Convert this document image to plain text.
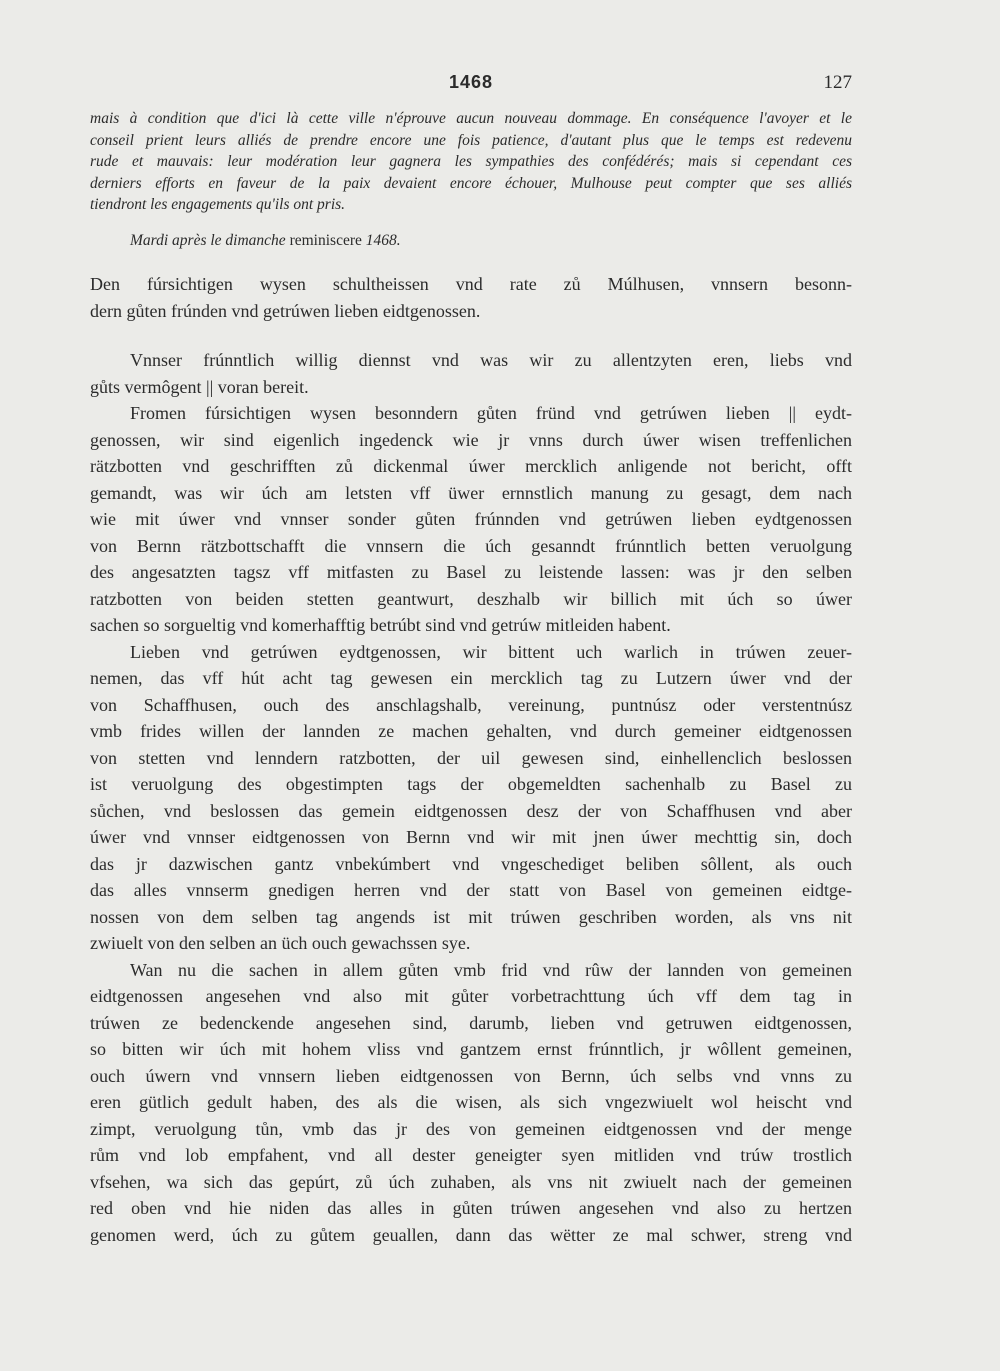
1468	127
mais à condition que d'ici là cette ville n'éprouve aucun nouveau dommage. En conséquence l'avoyer et le
conseil prient leurs alliés de prendre encore une fois patience, d'autant plus que le temps est redevenu
rude et mauvais: leur modération leur gagnera les sympathies des confédérés; mais si cependant ces
derniers efforts en faveur de la paix devaient encore échouer, Mulhouse peut compter que ses alliés
tiendront les engagements qu'ils ont pris.
Mardi après le dimanche reminiscere 1468.
Den fúrsichtigen wysen schultheissen vnd rate zů Múlhusen, vnnsern besonn-
dern gůten frúnden vnd getrúwen lieben eidtgenossen.
Vnnser frúnntlich willig diennst vnd was wir zu allentzyten eren, liebs vnd
gůts vermôgent || voran bereit.
Fromen fúrsichtigen wysen besonndern gůten fründ vnd getrúwen lieben || eydt-
genossen, wir sind eigenlich ingedenck wie jr vnns durch úwer wisen treffenlichen
rätzbotten vnd geschrifften zů dickenmal úwer mercklich anligende not bericht, offt
gemandt, was wir úch am letsten vff üwer ernnstlich manung zu gesagt, dem nach
wie mit úwer vnd vnnser sonder gůten frúnnden vnd getrúwen lieben eydtgenossen
von Bernn rätzbottschafft die vnnsern die úch gesanndt frúnntlich betten veruolgung
des angesatzten tagsz vff mitfasten zu Basel zu leistende lassen: was jr den selben
ratzbotten von beiden stetten geantwurt, deszhalb wir billich mit úch so úwer
sachen so sorgueltig vnd komerhafftig betrúbt sind vnd getrúw mitleiden habent.
Lieben vnd getrúwen eydtgenossen, wir bittent uch warlich in trúwen zeuer-
nemen, das vff hút acht tag gewesen ein mercklich tag zu Lutzern úwer vnd der
von Schaffhusen, ouch des anschlagshalb, vereinung, puntnúsz oder verstentnúsz
vmb frides willen der lannden ze machen gehalten, vnd durch gemeiner eidtgenossen
von stetten vnd lenndern ratzbotten, der uil gewesen sind, einhellenclich beslossen
ist veruolgung des obgestimpten tags der obgemeldten sachenhalb zu Basel zu
sůchen, vnd beslossen das gemein eidtgenossen desz der von Schaffhusen vnd aber
úwer vnd vnnser eidtgenossen von Bernn vnd wir mit jnen úwer mechttig sin, doch
das jr dazwischen gantz vnbekúmbert vnd vngeschediget beliben sôllent, als ouch
das alles vnnserm gnedigen herren vnd der statt von Basel von gemeinen eidtge-
nossen von dem selben tag angends ist mit trúwen geschriben worden, als vns nit
zwiuelt von den selben an üch ouch gewachssen sye.
Wan nu die sachen in allem gůten vmb frid vnd rûw der lannden von gemeinen
eidtgenossen angesehen vnd also mit gůter vorbetrachttung úch vff dem tag in
trúwen ze bedenckende angesehen sind, darumb, lieben vnd getruwen eidtgenossen,
so bitten wir úch mit hohem vliss vnd gantzem ernst frúnntlich, jr wôllent gemeinen,
ouch úwern vnd vnnsern lieben eidtgenossen von Bernn, úch selbs vnd vnns zu
eren gütlich gedult haben, des als die wisen, als sich vngezwiuelt wol heischt vnd
zimpt, veruolgung tůn, vmb das jr des von gemeinen eidtgenossen vnd der menge
rům vnd lob empfahent, vnd all dester geneigter syen mitliden vnd trúw trostlich
vfsehen, wa sich das gepúrt, zů úch zuhaben, als vns nit zwiuelt nach der gemeinen
red oben vnd hie niden das alles in gůten trúwen angesehen vnd also zu hertzen
genomen werd, úch zu gůtem geuallen, dann das wëtter ze mal schwer, streng vnd
